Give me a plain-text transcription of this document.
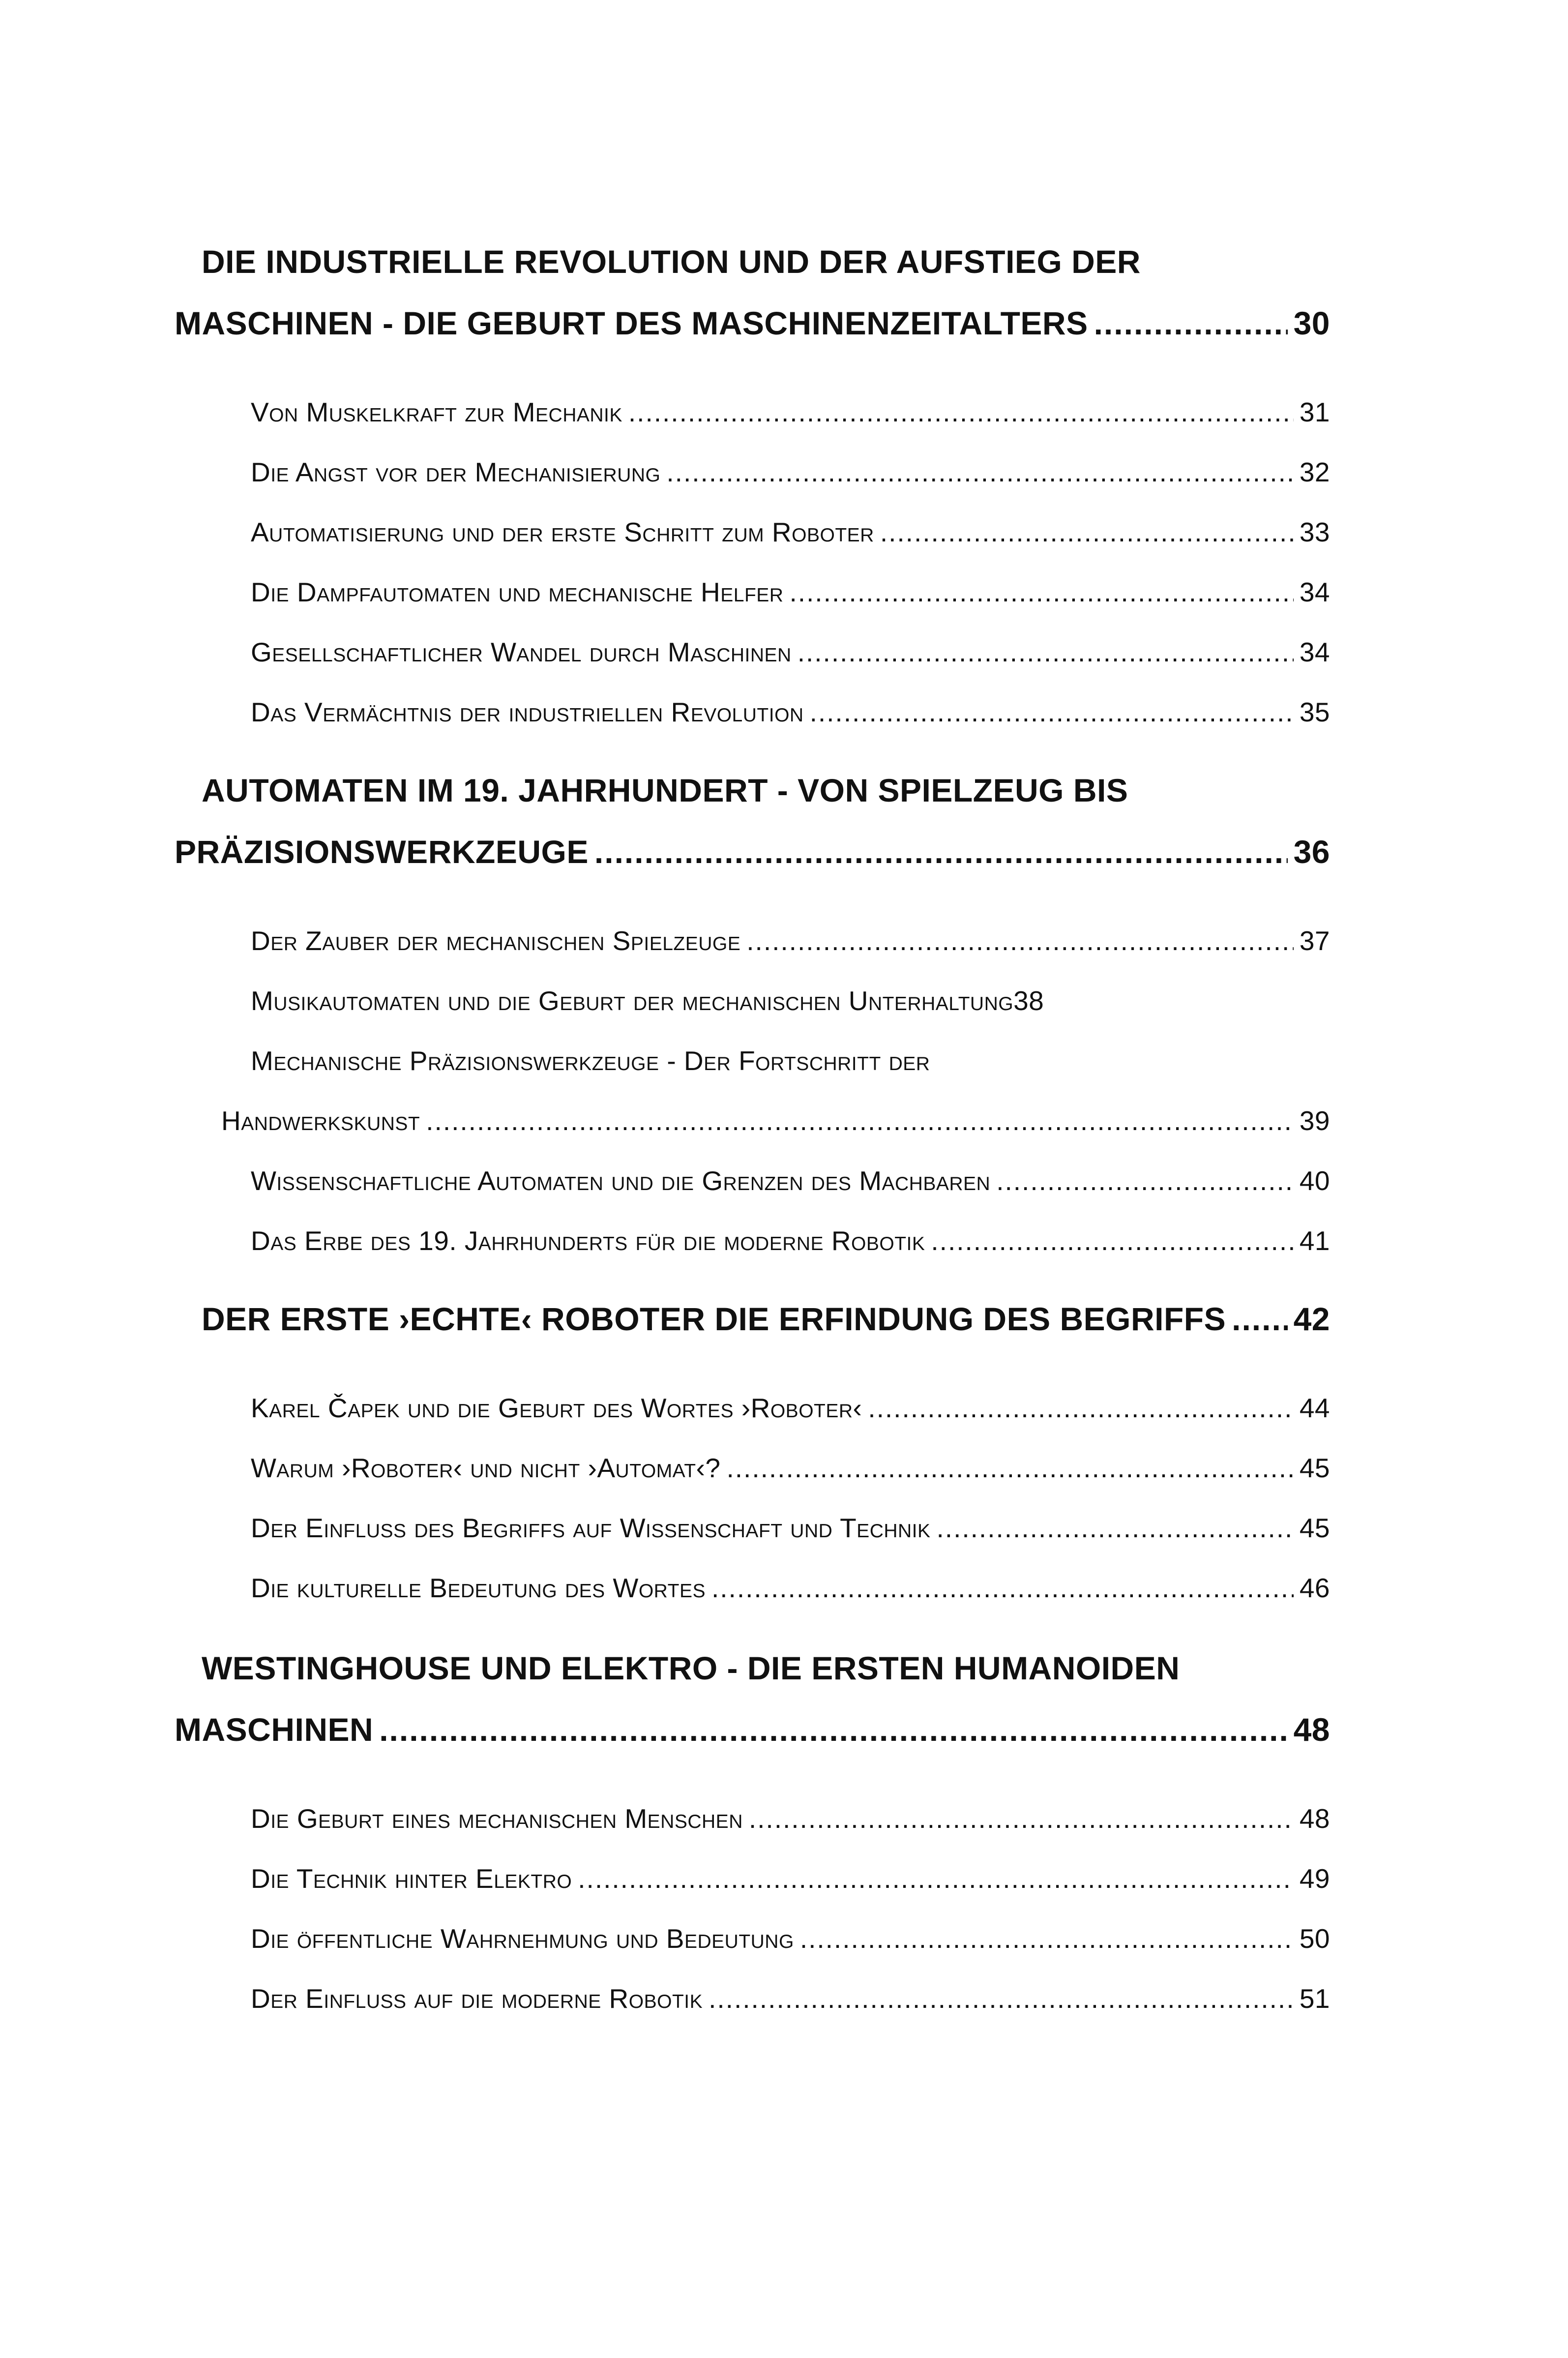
DIE INDUSTRIELLE REVOLUTION UND DER AUFSTIEG DER
MASCHINEN - DIE GEBURT DES MASCHINENZEITALTERS .....	30
Von Muskelkraft zur Mechanik .....	31
Die Angst vor der Mechanisierung .....	32
Automatisierung und der erste Schritt zum Roboter .....	33
Die Dampfautomaten und mechanische Helfer .....	34
Gesellschaftlicher Wandel durch Maschinen .....	34
Das Vermächtnis der industriellen Revolution .....	35
AUTOMATEN IM 19. JAHRHUNDERT - VON SPIELZEUG BIS
PRÄZISIONSWERKZEUGE .....	36
Der Zauber der mechanischen Spielzeuge .....	37
Musikautomaten und die Geburt der mechanischen Unterhaltung 38
Mechanische Präzisionswerkzeuge - Der Fortschritt der
Handwerkskunst .....	39
Wissenschaftliche Automaten und die Grenzen des Machbaren .....	40
Das Erbe des 19. Jahrhunderts für die moderne Robotik .....	41
DER ERSTE ›ECHTE‹ ROBOTER DIE ERFINDUNG DES BEGRIFFS ..... 42
Karel Čapek und die Geburt des Wortes ›Roboter‹ .....	44
Warum ›Roboter‹ und nicht ›Automat‹? .....	45
Der Einfluss des Begriffs auf Wissenschaft und Technik .....	45
Die kulturelle Bedeutung des Wortes .....	46
WESTINGHOUSE UND ELEKTRO - DIE ERSTEN HUMANOIDEN
MASCHINEN .....	48
Die Geburt eines mechanischen Menschen .....	48
Die Technik hinter Elektro .....	49
Die öffentliche Wahrnehmung und Bedeutung .....	50
Der Einfluss auf die moderne Robotik .....	51
